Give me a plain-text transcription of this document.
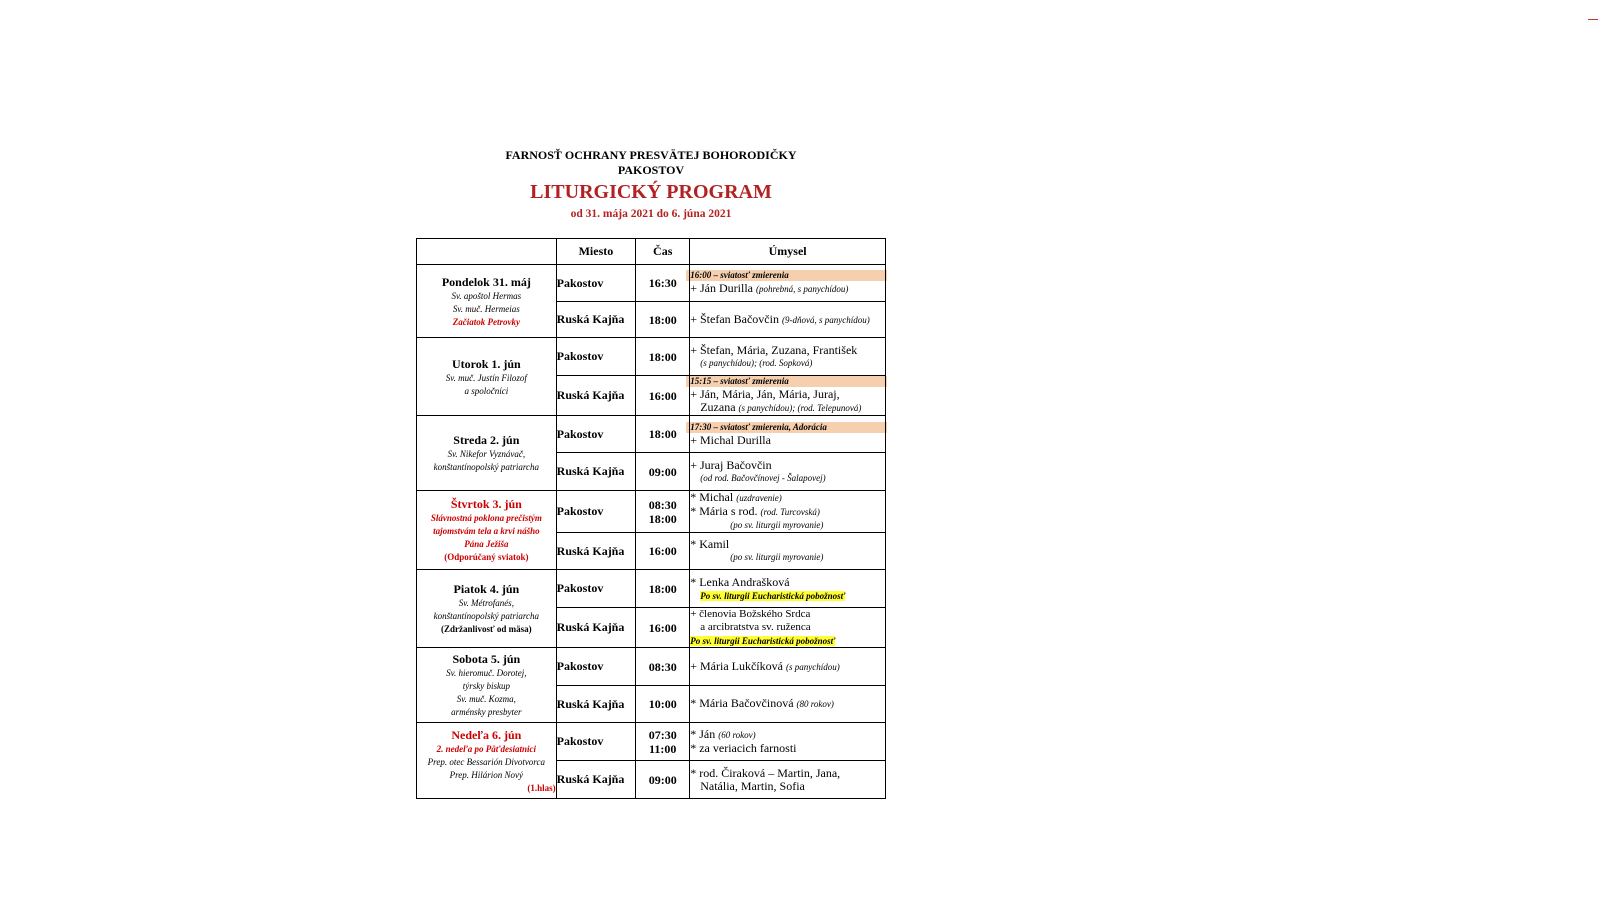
FARNOSŤ OCHRANY PRESVÄTEJ BOHORODIČKY
PAKOSTOV
LITURGICKÝ PROGRAM
od 31. mája 2021 do 6. júna 2021
	Miesto	Čas	Úmysel

Pondelok 31. máj
Sv. apoštol Hermas
Sv. muč. Hermeias
Začiatok Petrovky	Pakostov	16:30	16:00 – sviatosť zmierenia
+ Ján Durilla (pohrebná, s panychídou)

	Ruská Kajňa	18:00	+ Štefan Bačovčin (9-dňová, s panychídou)

Utorok 1. jún
Sv. muč. Justín Filozof
a spoločníci	Pakostov	18:00	+ Štefan, Mária, Zuzana, František
(s panychídou); (rod. Sopková)

	Ruská Kajňa	16:00	15:15 – sviatosť zmierenia
+ Ján, Mária, Ján, Mária, Juraj,
Zuzana (s panychídou); (rod. Telepunová)

Streda 2. jún
Sv. Nikefor Vyznávač,
konštantínopolský patriarcha	Pakostov	18:00	17:30 – sviatosť zmierenia, Adorácia
+ Michal Durilla

	Ruská Kajňa	09:00	+ Juraj Bačovčin
(od rod. Bačovčínovej - Šalapovej)

Štvrtok 3. jún
Slávnostná poklona prečistým
tajomstvám tela a krvi nášho
Pána Ježiša
(Odporúčaný sviatok)	Pakostov	08:30
18:00	* Michal (uzdravenie)
* Mária s rod. (rod. Turcovská)
(po sv. liturgii myrovanie)

	Ruská Kajňa	16:00	* Kamil
(po sv. liturgii myrovanie)

Piatok 4. jún
Sv. Métrofanés,
konštantínopolský patriarcha
(Zdržanlivosť od mäsa)	Pakostov	18:00	* Lenka Andrašková
Po sv. liturgii Eucharistická pobožnosť

	Ruská Kajňa	16:00	+ členovia Božského Srdca
a arcibratstva sv. ruženca
Po sv. liturgii Eucharistická pobožnosť

Sobota 5. jún
Sv. hieromuč. Dorotej,
týrsky biskup
Sv. muč. Kozma,
arménsky presbyter	Pakostov	08:30	+ Mária Lukčíková (s panychídou)
	Ruská Kajňa	10:00	* Mária Bačovčinová (80 rokov)

Nedeľa 6. jún
2. nedeľa po Päťdesiatnici
Prep. otec Bessarión Divotvorca
Prep. Hilárion Nový
(1.hlas)	Pakostov	07:30
11:00	* Ján (60 rokov)
* za veriacich farnosti

	Ruská Kajňa	09:00	* rod. Čiraková – Martin, Jana,
Natália, Martin, Sofia
